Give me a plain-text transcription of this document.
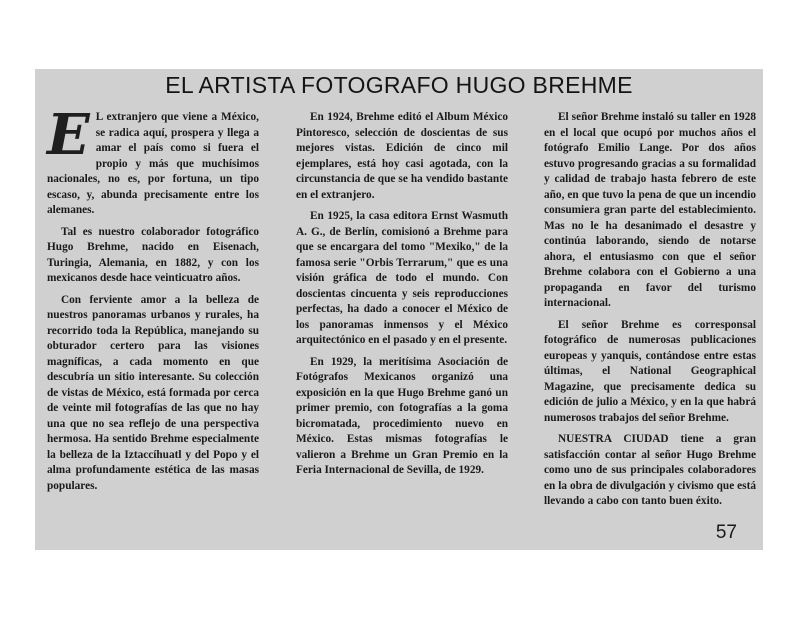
EL ARTISTA FOTOGRAFO HUGO BREHME

E L extranjero que viene a México, se radica aquí, prospera y llega a amar el país como si fuera el propio y más que muchísimos nacionales, no es, por fortuna, un tipo escaso, y, abunda precisamente entre los alemanes.

Tal es nuestro colaborador fotográfico Hugo Brehme, nacido en Eisenach, Turingia, Alemania, en 1882, y con los mexicanos desde hace veinticuatro años.

Con ferviente amor a la belleza de nuestros panoramas urbanos y rurales, ha recorrido toda la República, manejando su obturador certero para las visiones magníficas, a cada momento en que descubría un sitio interesante. Su colección de vistas de México, está formada por cerca de veinte mil fotografías de las que no hay una que no sea reflejo de una perspectiva hermosa. Ha sentido Brehme especialmente la belleza de la Iztaccíhuatl y del Popo y el alma profundamente estética de las masas populares.

En 1924, Brehme editó el Album México Pintoresco, selección de doscientas de sus mejores vistas. Edición de cinco mil ejemplares, está hoy casi agotada, con la circunstancia de que se ha vendido bastante en el extranjero.

En 1925, la casa editora Ernst Wasmuth A. G., de Berlín, comisionó a Brehme para que se encargara del tomo "Mexiko," de la famosa serie "Orbis Terrarum," que es una visión gráfica de todo el mundo. Con doscientas cincuenta y seis reproducciones perfectas, ha dado a conocer el México de los panoramas inmensos y el México arquitectónico en el pasado y en el presente.

En 1929, la meritísima Asociación de Fotógrafos Mexicanos organizó una exposición en la que Hugo Brehme ganó un primer premio, con fotografías a la goma bicromatada, procedimiento nuevo en México. Estas mismas fotografías le valieron a Brehme un Gran Premio en la Feria Internacional de Sevilla, de 1929.

El señor Brehme instaló su taller en 1928 en el local que ocupó por muchos años el fotógrafo Emilio Lange. Por dos años estuvo progresando gracias a su formalidad y calidad de trabajo hasta febrero de este año, en que tuvo la pena de que un incendio consumiera gran parte del establecimiento. Mas no le ha desanimado el desastre y continúa laborando, siendo de notarse ahora, el entusiasmo con que el señor Brehme colabora con el Gobierno a una propaganda en favor del turismo internacional.

El señor Brehme es corresponsal fotográfico de numerosas publicaciones europeas y yanquis, contándose entre estas últimas, el National Geographical Magazine, que precisamente dedica su edición de julio a México, y en la que habrá numerosos trabajos del señor Brehme.

NUESTRA CIUDAD tiene a gran satisfacción contar al señor Hugo Brehme como uno de sus principales colaboradores en la obra de divulgación y civismo que está llevando a cabo con tanto buen éxito.

57
